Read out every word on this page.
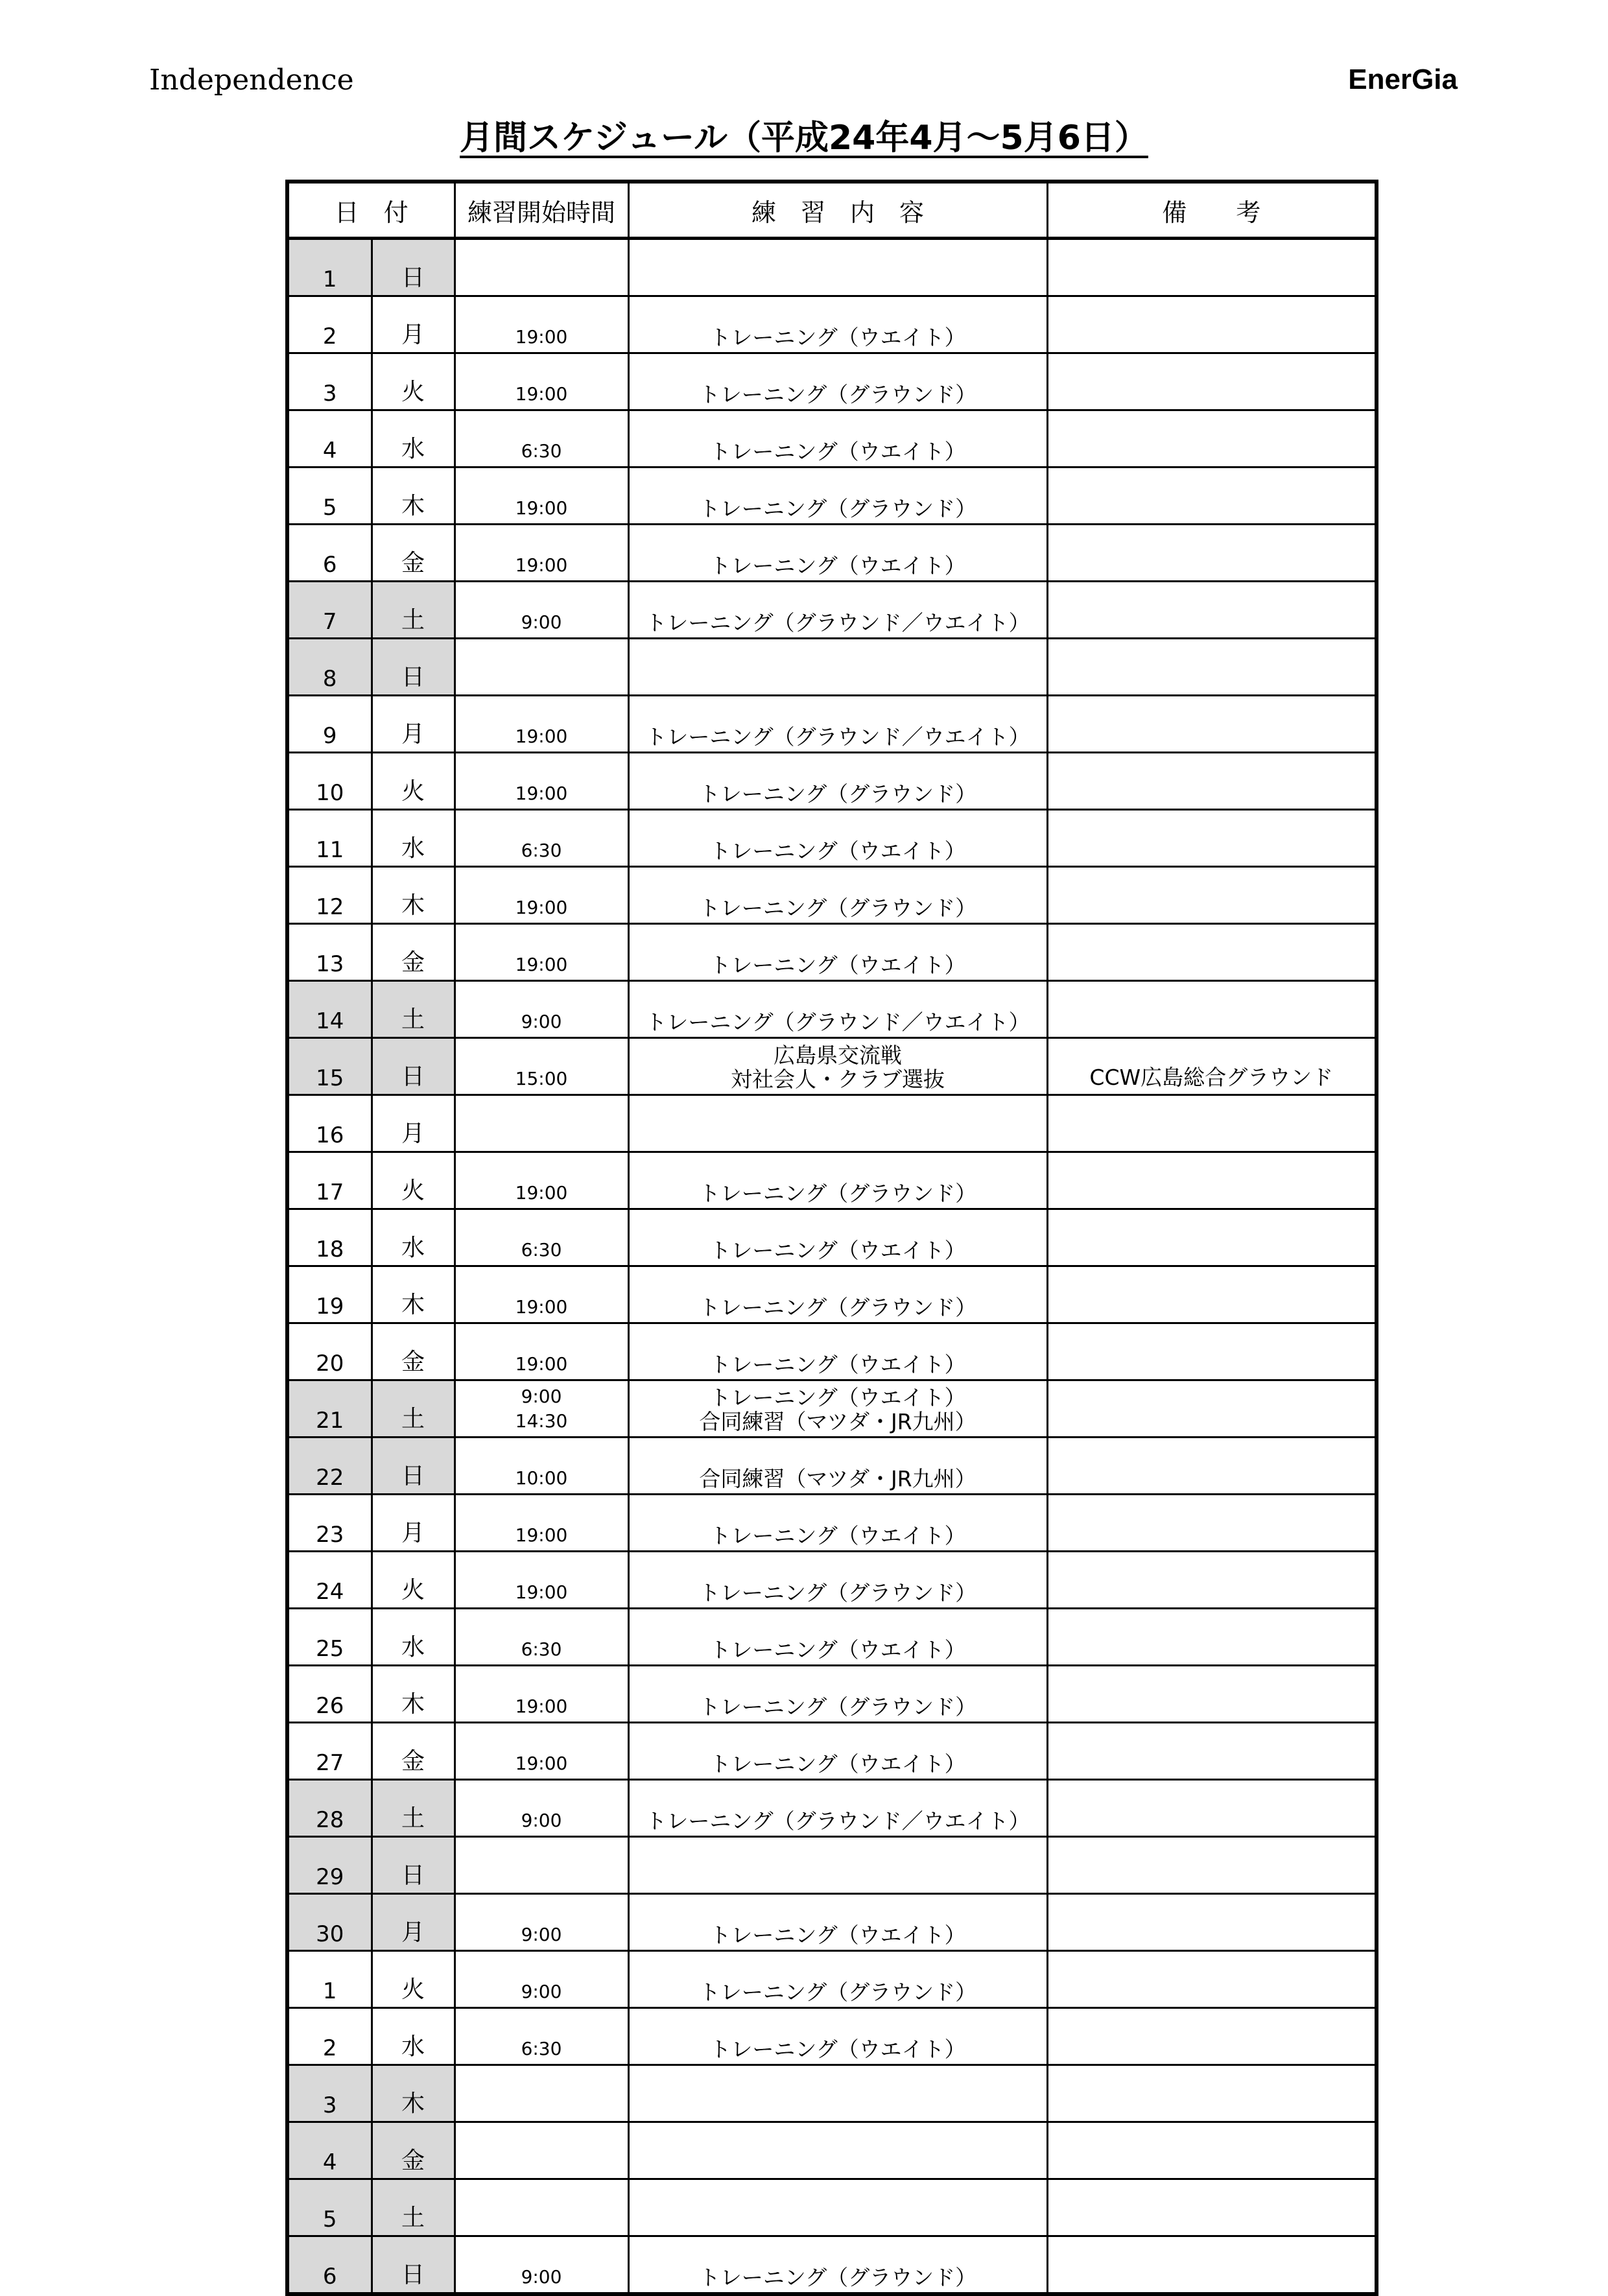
Independence	EnerGia
月間スケジュール（平成24年4月～5月6日）
日　付		練習開始時間	練　習　内　容	備　　考
1	日			
2	月	19:00	トレーニング（ウエイト）	

3	火	19:00	トレーニング（グラウンド）	

4	水	6:30	トレーニング（ウエイト）	

5	木	19:00	トレーニング（グラウンド）	

6	金	19:00	トレーニング（ウエイト）	

7	土	9:00	トレーニング（グラウンド／ウエイト）	

8	日			
9	月	19:00	トレーニング（グラウンド／ウエイト）	

10	火	19:00	トレーニング（グラウンド）	

11	水	6:30	トレーニング（ウエイト）	

12	木	19:00	トレーニング（グラウンド）	

13	金	19:00	トレーニング（ウエイト）	

14	土	9:00	トレーニング（グラウンド／ウエイト）	

15	日	15:00	広島県交流戦
対社会人・クラブ選抜	CCW広島総合グラウンド
16	月			
17	火	19:00	トレーニング（グラウンド）	

18	水	6:30	トレーニング（ウエイト）	

19	木	19:00	トレーニング（グラウンド）	

20	金	19:00	トレーニング（ウエイト）	

21	土	9:00
14:30	トレーニング（ウエイト）
合同練習（マツダ・JR九州）	

22	日	10:00	合同練習（マツダ・JR九州）	

23	月	19:00	トレーニング（ウエイト）	

24	火	19:00	トレーニング（グラウンド）	

25	水	6:30	トレーニング（ウエイト）	

26	木	19:00	トレーニング（グラウンド）	

27	金	19:00	トレーニング（ウエイト）	

28	土	9:00	トレーニング（グラウンド／ウエイト）	

29	日			
30	月	9:00	トレーニング（ウエイト）	

1	火	9:00	トレーニング（グラウンド）	

2	水	6:30	トレーニング（ウエイト）	

3	木			
4	金			
5	土			
6	日	9:00	トレーニング（グラウンド）	
